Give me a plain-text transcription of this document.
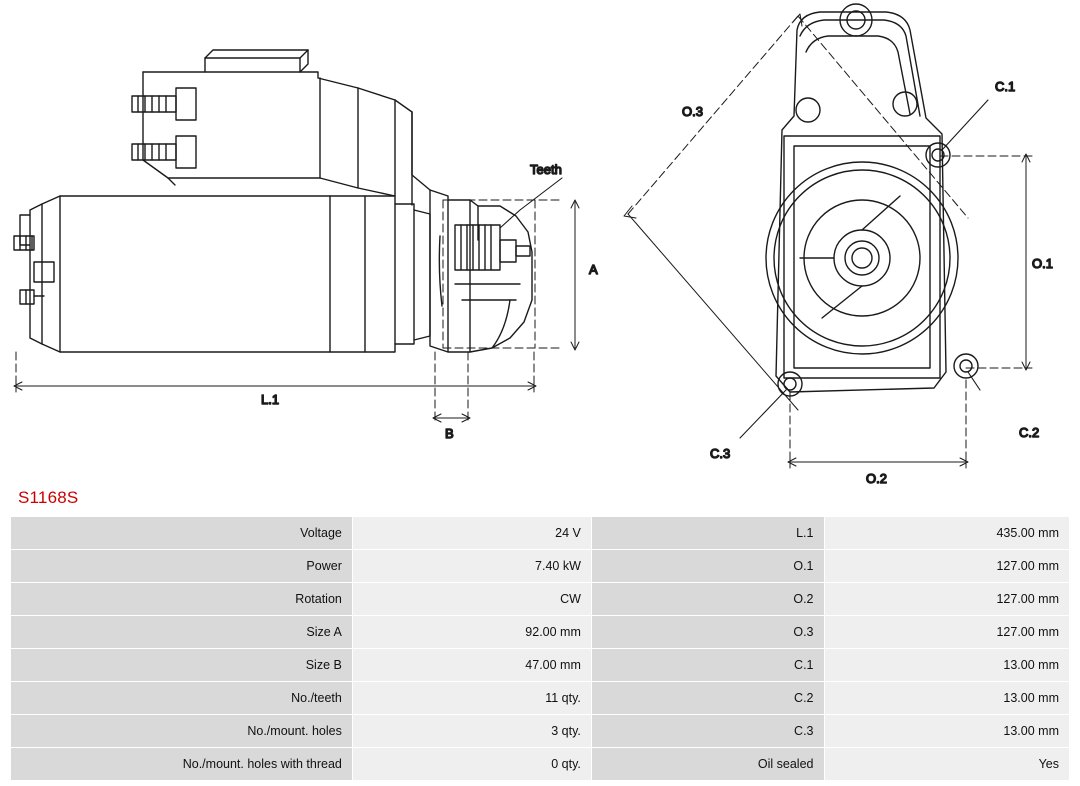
Teeth
A
L.1
B
O.3
O.1
O.2
C.1
C.2
C.3
S1168S
Voltage	24 V	L.1	435.00 mm
Power	7.40 kW	O.1	127.00 mm
Rotation	CW	O.2	127.00 mm
Size A	92.00 mm	O.3	127.00 mm
Size B	47.00 mm	C.1	13.00 mm
No./teeth	11 qty.	C.2	13.00 mm
No./mount. holes	3 qty.	C.3	13.00 mm
No./mount. holes with thread	0 qty.	Oil sealed	Yes
